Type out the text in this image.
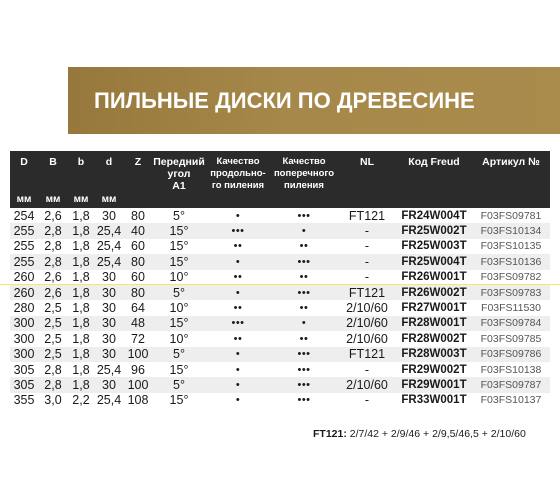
ПИЛЬНЫЕ ДИСКИ ПО ДРЕВЕСИНЕ
D	B	b	d	Z	Передний
угол
A1	Качество
продольно-
го пиления	Качество
поперечного
пиления	NL	Код Freud	Артикул №
мм	мм	мм	мм							
254	2,6	1,8	30	80	5°	•	•••	FT121	FR24W004T	F03FS09781
255	2,8	1,8	25,4	40	15°	•••	•	-	FR25W002T	F03FS10134
255	2,8	1,8	25,4	60	15°	••	••	-	FR25W003T	F03FS10135
255	2,8	1,8	25,4	80	15°	•	•••	-	FR25W004T	F03FS10136
260	2,6	1,8	30	60	10°	••	••	-	FR26W001T	F03FS09782
260	2,6	1,8	30	80	5°	•	•••	FT121	FR26W002T	F03FS09783
280	2,5	1,8	30	64	10°	••	••	2/10/60	FR27W001T	F03FS11530
300	2,5	1,8	30	48	15°	•••	•	2/10/60	FR28W001T	F03FS09784
300	2,5	1,8	30	72	10°	••	••	2/10/60	FR28W002T	F03FS09785
300	2,5	1,8	30	100	5°	•	•••	FT121	FR28W003T	F03FS09786
305	2,8	1,8	25,4	96	15°	•	•••	-	FR29W002T	F03FS10138
305	2,8	1,8	30	100	5°	•	•••	2/10/60	FR29W001T	F03FS09787
355	3,0	2,2	25,4	108	15°	•	•••	-	FR33W001T	F03FS10137
FT121: 2/7/42 + 2/9/46 + 2/9,5/46,5 + 2/10/60
